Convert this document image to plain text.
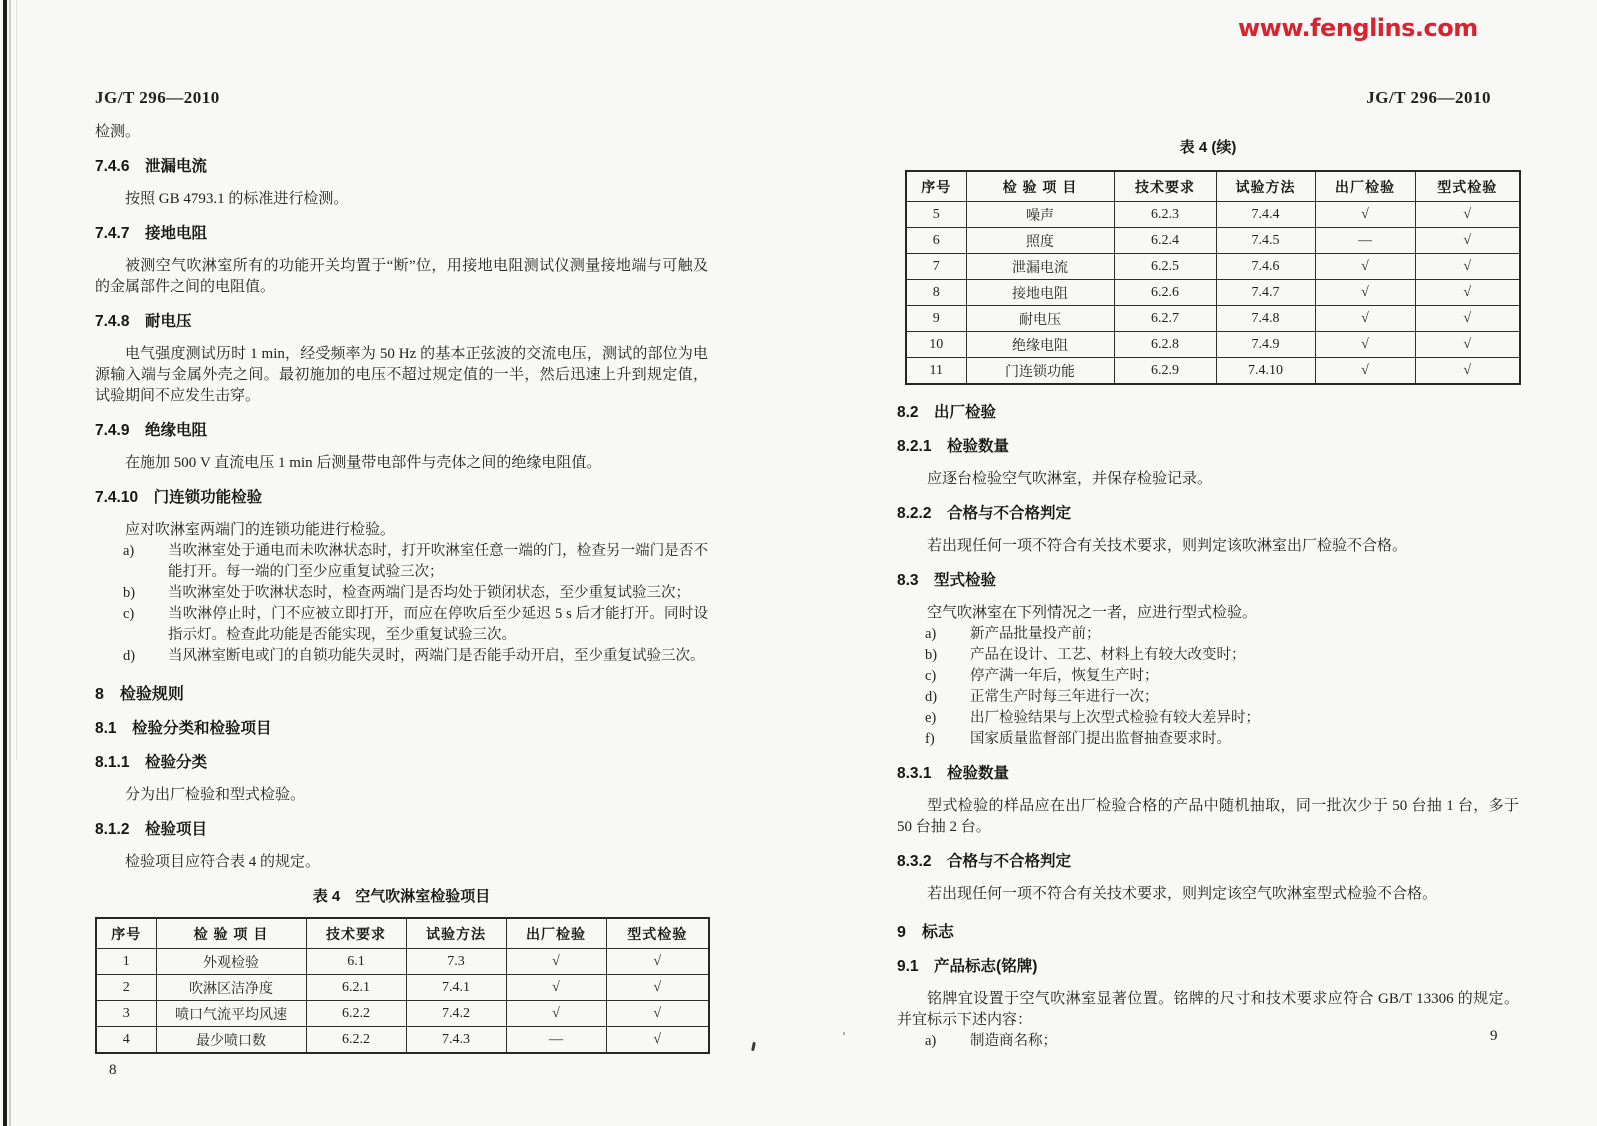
www.fenglins.com
JG/T 296—2010
检测。
7.4.6　泄漏电流
按照 GB 4793.1 的标准进行检测。
7.4.7　接地电阻
被测空气吹淋室所有的功能开关均置于“断”位，用接地电阻测试仪测量接地端与可触及的金属部件之间的电阻值。
7.4.8　耐电压
电气强度测试历时 1 min，经受频率为 50 Hz 的基本正弦波的交流电压，测试的部位为电源输入端与金属外壳之间。最初施加的电压不超过规定值的一半，然后迅速上升到规定值，试验期间不应发生击穿。
7.4.9　绝缘电阻
在施加 500 V 直流电压 1 min 后测量带电部件与壳体之间的绝缘电阻值。
7.4.10　门连锁功能检验
应对吹淋室两端门的连锁功能进行检验。
a) 当吹淋室处于通电而未吹淋状态时，打开吹淋室任意一端的门，检查另一端门是否不能打开。每一端的门至少应重复试验三次；
b) 当吹淋室处于吹淋状态时，检查两端门是否均处于锁闭状态，至少重复试验三次；
c) 当吹淋停止时，门不应被立即打开，而应在停吹后至少延迟 5 s 后才能打开。同时设指示灯。检查此功能是否能实现，至少重复试验三次。
d) 当风淋室断电或门的自锁功能失灵时，两端门是否能手动开启，至少重复试验三次。
8　检验规则
8.1　检验分类和检验项目
8.1.1　检验分类
分为出厂检验和型式检验。
8.1.2　检验项目
检验项目应符合表 4 的规定。
表 4　空气吹淋室检验项目
序号	检 验 项 目	技术要求	试验方法	出厂检验	型式检验
1	外观检验	6.1	7.3	√	√
2	吹淋区洁净度	6.2.1	7.4.1	√	√
3	喷口气流平均风速	6.2.2	7.4.2	√	√
4	最少喷口数	6.2.2	7.4.3	—	√
8
JG/T 296—2010
表 4 (续)
序号	检 验 项 目	技术要求	试验方法	出厂检验	型式检验
5	噪声	6.2.3	7.4.4	√	√
6	照度	6.2.4	7.4.5	—	√
7	泄漏电流	6.2.5	7.4.6	√	√
8	接地电阻	6.2.6	7.4.7	√	√
9	耐电压	6.2.7	7.4.8	√	√
10	绝缘电阻	6.2.8	7.4.9	√	√
11	门连锁功能	6.2.9	7.4.10	√	√
8.2　出厂检验
8.2.1　检验数量
应逐台检验空气吹淋室，并保存检验记录。
8.2.2　合格与不合格判定
若出现任何一项不符合有关技术要求，则判定该吹淋室出厂检验不合格。
8.3　型式检验
空气吹淋室在下列情况之一者，应进行型式检验。
a) 新产品批量投产前；
b) 产品在设计、工艺、材料上有较大改变时；
c) 停产满一年后，恢复生产时；
d) 正常生产时每三年进行一次；
e) 出厂检验结果与上次型式检验有较大差异时；
f) 国家质量监督部门提出监督抽查要求时。
8.3.1　检验数量
型式检验的样品应在出厂检验合格的产品中随机抽取，同一批次少于 50 台抽 1 台，多于 50 台抽 2 台。
8.3.2　合格与不合格判定
若出现任何一项不符合有关技术要求，则判定该空气吹淋室型式检验不合格。
9　标志
9.1　产品标志(铭牌)
铭牌宜设置于空气吹淋室显著位置。铭牌的尺寸和技术要求应符合 GB/T 13306 的规定。并宜标示下述内容：
a) 制造商名称；	9
